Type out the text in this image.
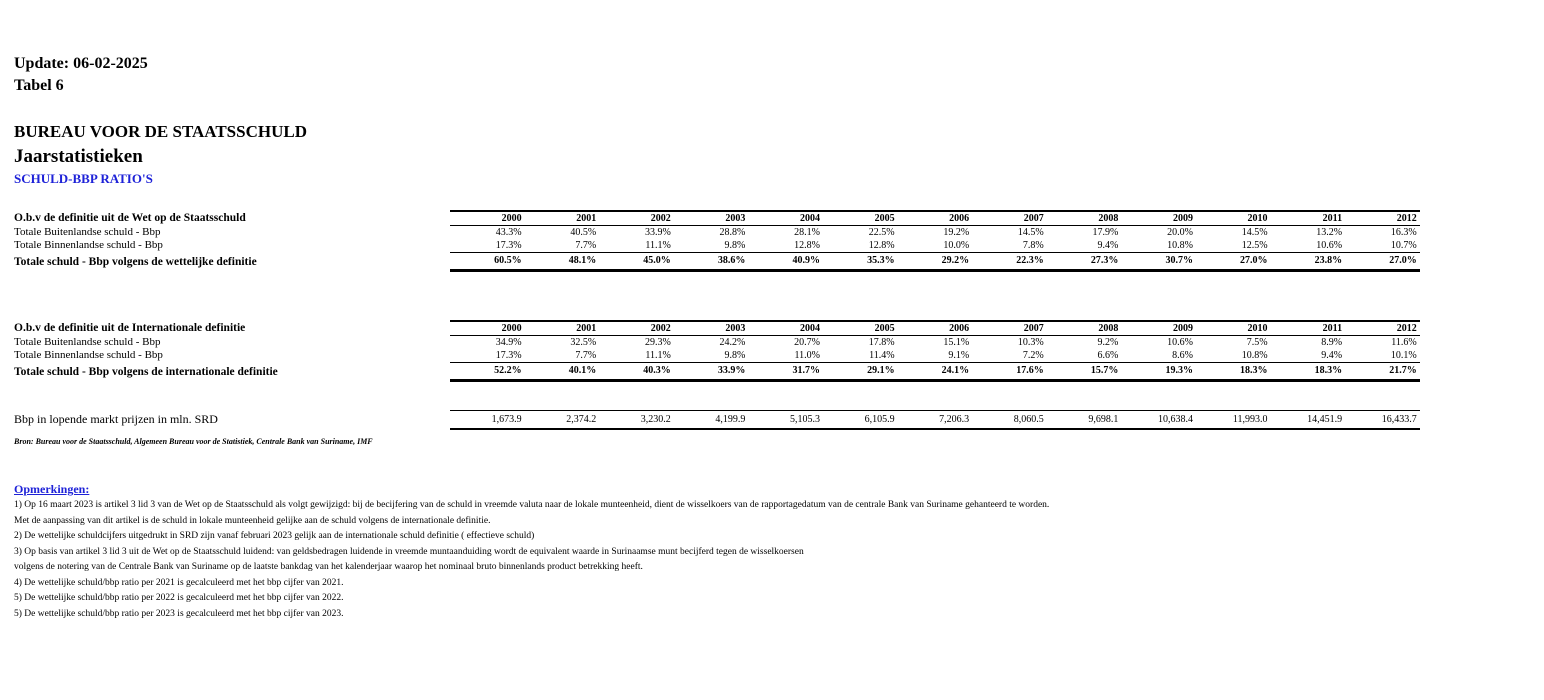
Update: 06-02-2025
Tabel 6
BUREAU VOOR DE STAATSSCHULD
Jaarstatistieken
SCHULD-BBP RATIO'S
O.b.v de definitie uit de Wet op de Staatsschuld	2000	2001	2002	2003	2004	2005	2006	2007	2008	2009	2010	2011	2012
Totale Buitenlandse schuld - Bbp	43.3%	40.5%	33.9%	28.8%	28.1%	22.5%	19.2%	14.5%	17.9%	20.0%	14.5%	13.2%	16.3%
Totale Binnenlandse schuld - Bbp	17.3%	7.7%	11.1%	9.8%	12.8%	12.8%	10.0%	7.8%	9.4%	10.8%	12.5%	10.6%	10.7%
Totale schuld - Bbp volgens de wettelijke definitie	60.5%	48.1%	45.0%	38.6%	40.9%	35.3%	29.2%	22.3%	27.3%	30.7%	27.0%	23.8%	27.0%
O.b.v de definitie uit de Internationale definitie	2000	2001	2002	2003	2004	2005	2006	2007	2008	2009	2010	2011	2012
Totale Buitenlandse schuld - Bbp	34.9%	32.5%	29.3%	24.2%	20.7%	17.8%	15.1%	10.3%	9.2%	10.6%	7.5%	8.9%	11.6%
Totale Binnenlandse schuld - Bbp	17.3%	7.7%	11.1%	9.8%	11.0%	11.4%	9.1%	7.2%	6.6%	8.6%	10.8%	9.4%	10.1%
Totale schuld - Bbp volgens de internationale definitie	52.2%	40.1%	40.3%	33.9%	31.7%	29.1%	24.1%	17.6%	15.7%	19.3%	18.3%	18.3%	21.7%
Bbp in lopende markt prijzen in mln. SRD	1,673.9	2,374.2	3,230.2	4,199.9	5,105.3	6,105.9	7,206.3	8,060.5	9,698.1	10,638.4	11,993.0	14,451.9	16,433.7
Bron: Bureau voor de Staatsschuld, Algemeen Bureau voor de Statistiek, Centrale Bank van Suriname, IMF
Opmerkingen:
1) Op 16 maart 2023 is artikel 3 lid 3 van de Wet op de Staatsschuld als volgt gewijzigd: bij de becijfering van de schuld in vreemde valuta naar de lokale munteenheid, dient de wisselkoers van de rapportagedatum van de centrale Bank van Suriname gehanteerd te worden.
Met de aanpassing van dit artikel is de schuld in lokale munteenheid gelijke aan de schuld volgens de internationale definitie.
2) De wettelijke schuldcijfers uitgedrukt in SRD zijn vanaf februari 2023 gelijk aan de internationale schuld definitie ( effectieve schuld)
3) Op basis van artikel 3 lid 3 uit de Wet op de Staatsschuld luidend: van geldsbedragen luidende in vreemde muntaanduiding wordt de equivalent waarde in Surinaamse munt becijferd tegen de wisselkoersen
volgens de notering van de Centrale Bank van Suriname op de laatste bankdag van het kalenderjaar waarop het nominaal bruto binnenlands product betrekking heeft.
4) De wettelijke schuld/bbp ratio per 2021 is gecalculeerd met het bbp cijfer van 2021.
5) De wettelijke schuld/bbp ratio per 2022 is gecalculeerd met het bbp cijfer van 2022.
5) De wettelijke schuld/bbp ratio per 2023 is gecalculeerd met het bbp cijfer van 2023.
